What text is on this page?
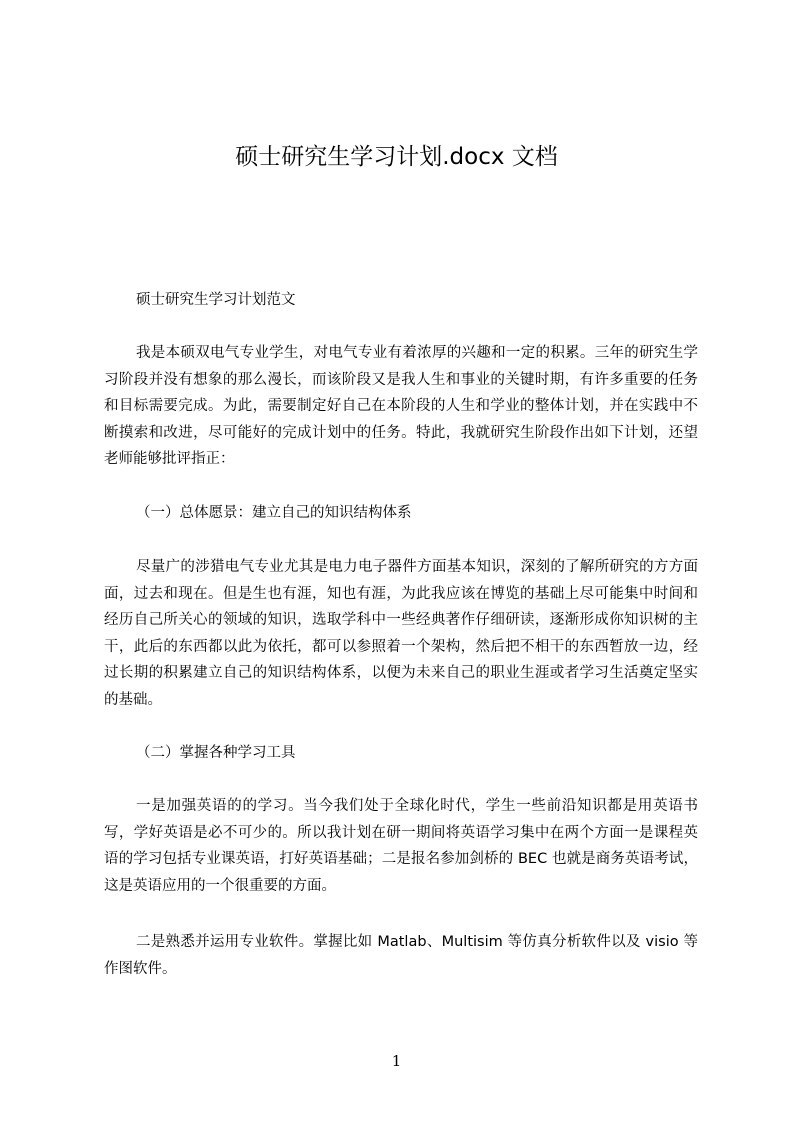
硕士研究生学习计划.docx 文档
硕士研究生学习计划范文
我是本硕双电气专业学生，对电气专业有着浓厚的兴趣和一定的积累。三年的研究生学习阶段并没有想象的那么漫长，而该阶段又是我人生和事业的关键时期，有许多重要的任务和目标需要完成。为此，需要制定好自己在本阶段的人生和学业的整体计划，并在实践中不断摸索和改进，尽可能好的完成计划中的任务。特此，我就研究生阶段作出如下计划，还望老师能够批评指正：
（一）总体愿景：建立自己的知识结构体系
尽量广的涉猎电气专业尤其是电力电子器件方面基本知识，深刻的了解所研究的方方面面，过去和现在。但是生也有涯，知也有涯，为此我应该在博览的基础上尽可能集中时间和经历自己所关心的领域的知识，选取学科中一些经典著作仔细研读，逐渐形成你知识树的主干，此后的东西都以此为依托，都可以参照着一个架构，然后把不相干的东西暂放一边，经过长期的积累建立自己的知识结构体系，以便为未来自己的职业生涯或者学习生活奠定坚实的基础。
（二）掌握各种学习工具
一是加强英语的的学习。当今我们处于全球化时代，学生一些前沿知识都是用英语书写，学好英语是必不可少的。所以我计划在研一期间将英语学习集中在两个方面一是课程英语的学习包括专业课英语，打好英语基础；二是报名参加剑桥的 BEC 也就是商务英语考试，这是英语应用的一个很重要的方面。
二是熟悉并运用专业软件。掌握比如 Matlab、Multisim 等仿真分析软件以及 visio 等作图软件。
1
